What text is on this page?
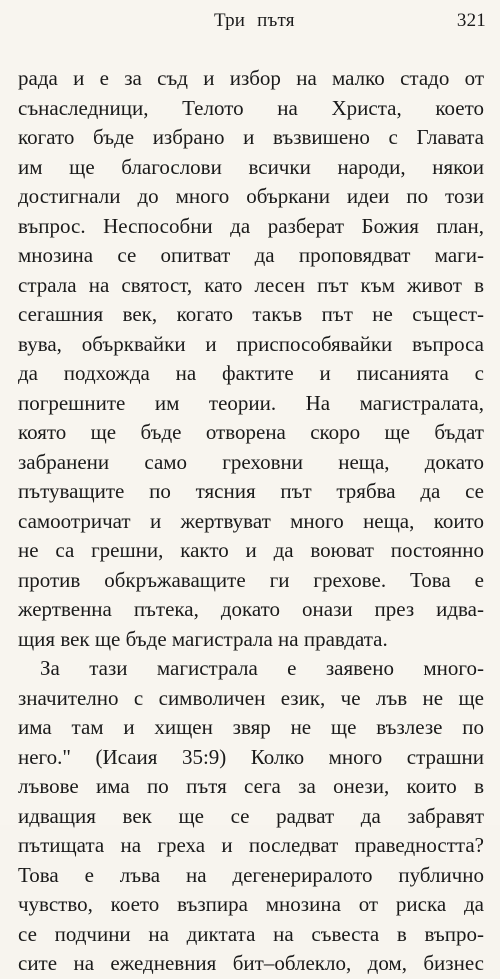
Три пътя	321
рада и е за съд и избор на малко стадо от
сънаследници, Телото на Христа, което
когато бъде избрано и възвишено с Главата
им ще благослови всички народи, някои
достигнали до много объркани идеи по този
въпрос. Неспособни да разберат Божия план,
мнозина се опитват да проповядват маги-
страла на святост, като лесен път към живот в
сегашния век, когато такъв път не същест-
вува, обърквайки и приспособявайки въпроса
да подхожда на фактите и писанията с
погрешните им теории. На магистралата,
която ще бъде отворена скоро ще бъдат
забранени само греховни неща, докато
пътуващите по тясния път трябва да се
самоотричат и жертвуват много неща, които
не са грешни, както и да воюват постоянно
против обкръжаващите ги грехове. Това е
жертвенна пътека, докато онази през идва-
щия век ще бъде магистрала на правдата.
За тази магистрала е заявено много-
значително с символичен език, че лъв не ще
има там и хищен звяр не ще възлезе по
него." (Исаия 35:9) Колко много страшни
лъвове има по пътя сега за онези, които в
идващия век ще се радват да забравят
пътищата на греха и последват праведността?
Това е лъва на дегенериралото публично
чувство, което възпира мнозина от риска да
се подчини на диктата на съвеста в въпро-
сите на ежедневния бит–облекло, дом, бизнес
